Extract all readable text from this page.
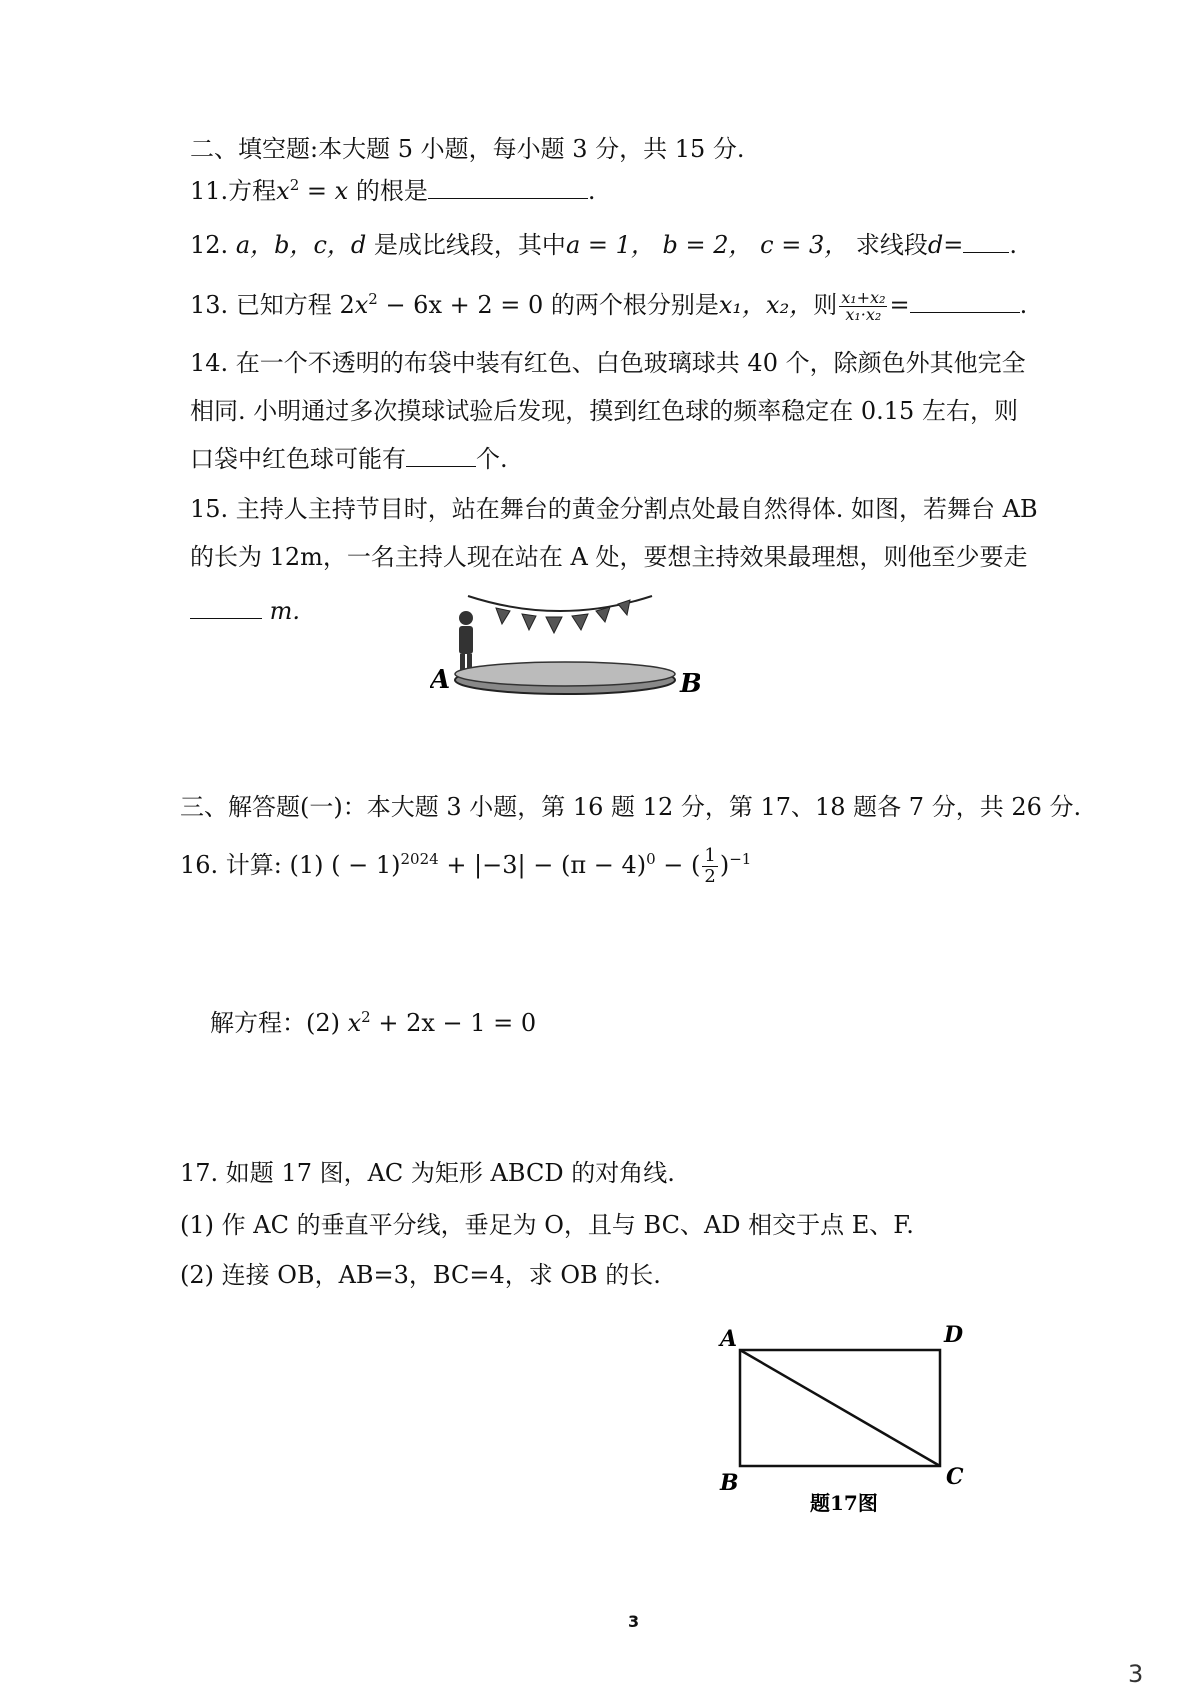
二、填空题:本大题 5 小题，每小题 3 分，共 15 分.
11.方程$x^2 = x$ 的根是	.
12. a，b，c，d 是成比线段，其中a = 1， b = 2， c = 3， 求线段d= .
13. 已知方程 $2x^2 - 6x + 2 = 0$ 的两个根分别是x₁，x₂，则 $\frac{\text{x₁+x₂}}{\text{x₁·x₂}}$ =	.
14. 在一个不透明的布袋中装有红色、白色玻璃球共 40 个，除颜色外其他完全
相同. 小明通过多次摸球试验后发现，摸到红色球的频率稳定在 0.15 左右，则
口袋中红色球可能有	个.
15. 主持人主持节目时，站在舞台的黄金分割点处最自然得体. 如图，若舞台 AB
的长为 12m，一名主持人现在站在 A 处，要想主持效果最理想，则他至少要走
m.
A	B
三、解答题(一)：本大题 3 小题，第 16 题 12 分，第 17、18 题各 7 分，共 26 分.
16. 计算: (1) ( − $1)^{2024} + |-3| - (\pi - 4)^0$ − ( $\frac{1}{2} )^{-1}$
解方程：(2) $x^2 + 2x - 1 = 0$
17. 如题 17 图，AC 为矩形 ABCD 的对角线.
(1) 作 AC 的垂直平分线，垂足为 O，且与 BC、AD 相交于点 E、F.
(2) 连接 OB，AB=3，BC=4，求 OB 的长.
A	D
B	C
题17图
3
3
